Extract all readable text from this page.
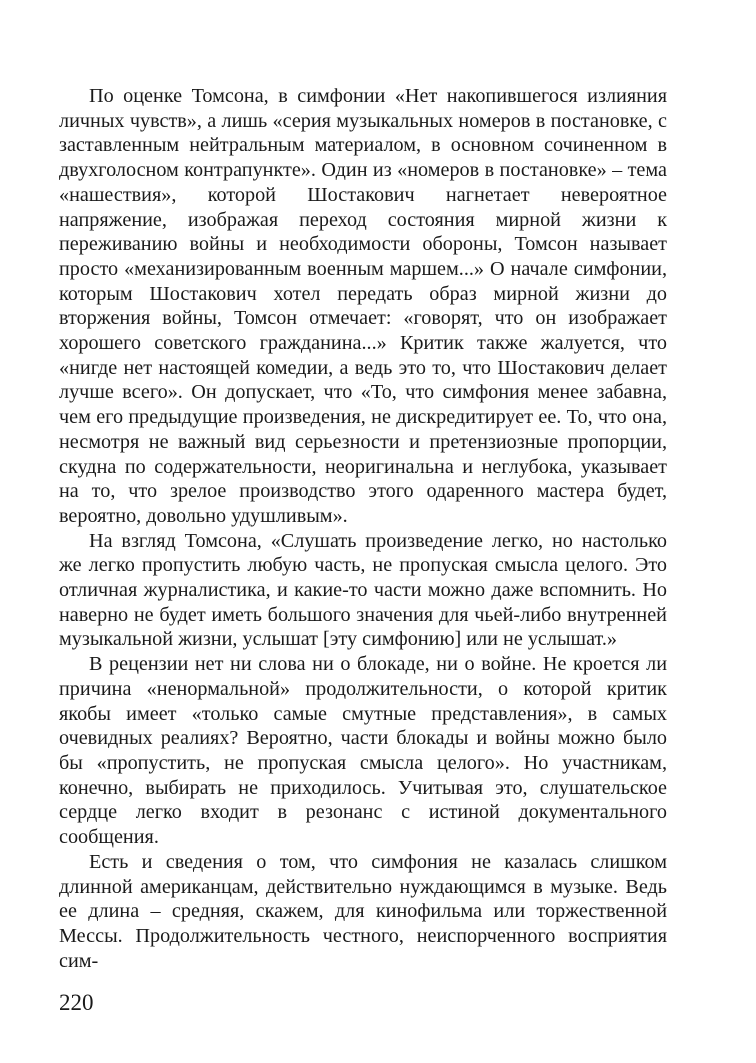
По оценке Томсона, в симфонии «Нет накопившегося излияния личных чувств», а лишь «серия музыкальных номеров в постановке, с заставленным нейтральным материалом, в основном сочиненном в двухголосном контрапункте». Один из «номеров в постановке» – тема «нашествия», которой Шостакович нагнетает невероятное напряжение, изображая переход состояния мирной жизни к переживанию войны и необходимости обороны, Томсон называет просто «механизированным военным маршем...» О начале симфонии, которым Шостакович хотел передать образ мирной жизни до вторжения войны, Томсон отмечает: «говорят, что он изображает хорошего советского гражданина...» Критик также жалуется, что «нигде нет настоящей комедии, а ведь это то, что Шостакович делает лучше всего». Он допускает, что «То, что симфония менее забавна, чем его предыдущие произведения, не дискредитирует ее. То, что она, несмотря не важный вид серьезности и претензиозные пропорции, скудна по содержательности, неоригинальна и неглубока, указывает на то, что зрелое производство этого одаренного мастера будет, вероятно, довольно удушливым».

На взгляд Томсона, «Слушать произведение легко, но настолько же легко пропустить любую часть, не пропуская смысла целого. Это отличная журналистика, и какие-то части можно даже вспомнить. Но наверно не будет иметь большого значения для чьей-либо внутренней музыкальной жизни, услышат [эту симфонию] или не услышат.»

В рецензии нет ни слова ни о блокаде, ни о войне. Не кроется ли причина «ненормальной» продолжительности, о которой критик якобы имеет «только самые смутные представления», в самых очевидных реалиях? Вероятно, части блокады и войны можно было бы «пропустить, не пропуская смысла целого». Но участникам, конечно, выбирать не приходилось. Учитывая это, слушательское сердце легко входит в резонанс с истиной документального сообщения.

Есть и сведения о том, что симфония не казалась слишком длинной американцам, действительно нуждающимся в музыке. Ведь ее длина – средняя, скажем, для кинофильма или торжественной Мессы. Продолжительность честного, неиспорченного восприятия сим-

220
